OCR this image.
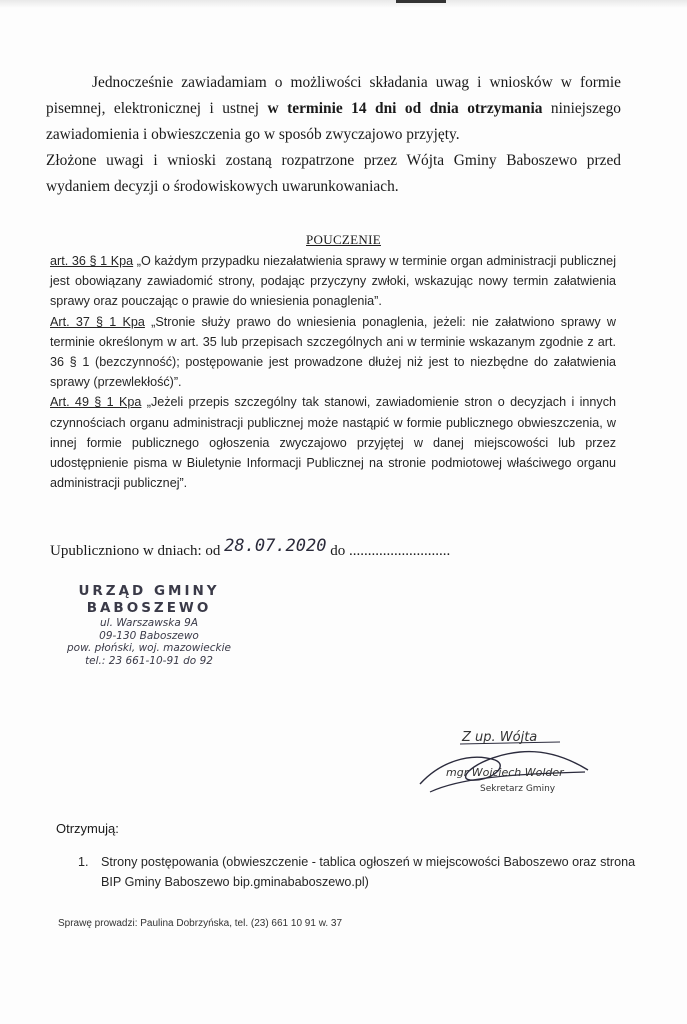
Jednocześnie zawiadamiam o możliwości składania uwag i wniosków w formie pisemnej, elektronicznej i ustnej w terminie 14 dni od dnia otrzymania niniejszego zawiadomienia i obwieszczenia go w sposób zwyczajowo przyjęty.

Złożone uwagi i wnioski zostaną rozpatrzone przez Wójta Gminy Baboszewo przed wydaniem decyzji o środowiskowych uwarunkowaniach.

POUCZENIE

art. 36 § 1 Kpa „O każdym przypadku niezałatwienia sprawy w terminie organ administracji publicznej jest obowiązany zawiadomić strony, podając przyczyny zwłoki, wskazując nowy termin załatwienia sprawy oraz pouczając o prawie do wniesienia ponaglenia”.

Art. 37 § 1 Kpa „Stronie służy prawo do wniesienia ponaglenia, jeżeli: nie załatwiono sprawy w terminie określonym w art. 35 lub przepisach szczególnych ani w terminie wskazanym zgodnie z art. 36 § 1 (bezczynność); postępowanie jest prowadzone dłużej niż jest to niezbędne do załatwienia sprawy (przewlekłość)”.

Art. 49 § 1 Kpa „Jeżeli przepis szczególny tak stanowi, zawiadomienie stron o decyzjach i innych czynnościach organu administracji publicznej może nastąpić w formie publicznego obwieszczenia, w innej formie publicznego ogłoszenia zwyczajowo przyjętej w danej miejscowości lub przez udostępnienie pisma w Biuletynie Informacji Publicznej na stronie podmiotowej właściwego organu administracji publicznej”.

Upubliczniono w dniach: od 28.07.2020 do ...........................
URZĄD GMINY
BABOSZEWO
ul. Warszawska 9A
09-130 Baboszewo
pow. płoński, woj. mazowieckie
tel.: 23 661-10-91 do 92
Z up. Wójta
mgr Wojciech Wolder
Sekretarz Gminy
Otrzymują:
1. Strony postępowania (obwieszczenie - tablica ogłoszeń w miejscowości Baboszewo oraz strona BIP Gminy Baboszewo bip.gminababoszewo.pl)
Sprawę prowadzi: Paulina Dobrzyńska, tel. (23) 661 10 91 w. 37
